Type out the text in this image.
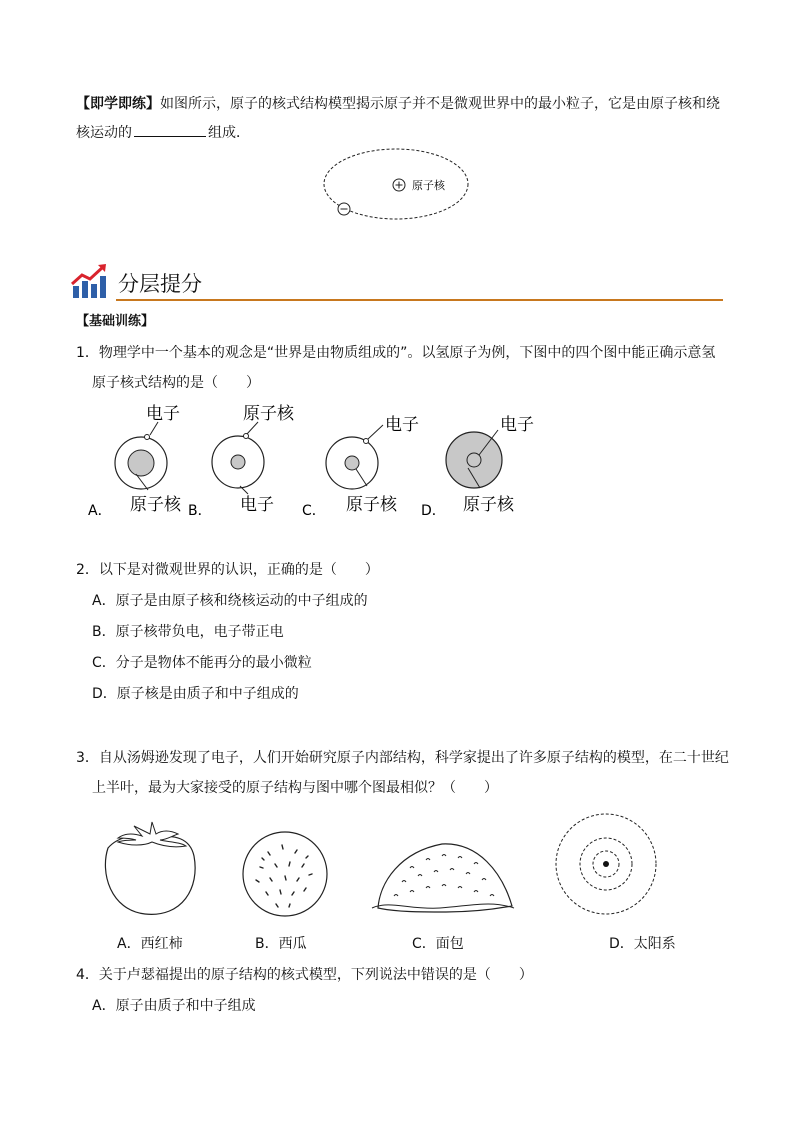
【即学即练】如图所示，原子的核式结构模型揭示原子并不是微观世界中的最小粒子，它是由原子核和绕
核运动的	组成．
原子核
分层提分
【基础训练】
1．物理学中一个基本的观念是“世界是由物质组成的”。以氢原子为例，下图中的四个图中能正确示意氢
原子核式结构的是（　　）
电子
原子核
A．
原子核
电子
B．
电子
原子核
C．
电子
原子核
D．
2．以下是对微观世界的认识，正确的是（　　）
A．原子是由原子核和绕核运动的中子组成的
B．原子核带负电，电子带正电
C．分子是物体不能再分的最小微粒
D．原子核是由质子和中子组成的
3．自从汤姆逊发现了电子，人们开始研究原子内部结构，科学家提出了许多原子结构的模型，在二十世纪
上半叶，最为大家接受的原子结构与图中哪个图最相似？（　　）
A．西红柿	B．西瓜	C．面包	D．太阳系
4．关于卢瑟福提出的原子结构的核式模型，下列说法中错误的是（　　）
A．原子由质子和中子组成
